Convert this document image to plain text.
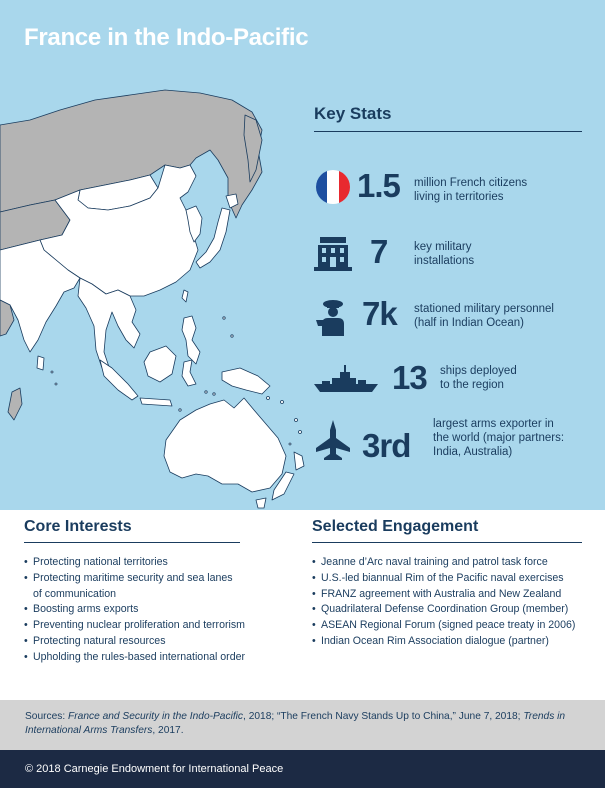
France in the Indo-Pacific
Key Stats
1.5 million French citizens
living in territories
7 key military
installations
7k stationed military personnel
(half in Indian Ocean)
13 ships deployed
to the region
3rd
largest arms exporter in
the world (major partners:
India, Australia)
Core Interests
• Protecting national territories
• Protecting maritime security and sea lanes
of communication
• Boosting arms exports
• Preventing nuclear proliferation and terrorism
• Protecting natural resources
• Upholding the rules-based international order
Selected Engagement
• Jeanne d’Arc naval training and patrol task force
• U.S.-led biannual Rim of the Pacific naval exercises
• FRANZ agreement with Australia and New Zealand
• Quadrilateral Defense Coordination Group (member)
• ASEAN Regional Forum (signed peace treaty in 2006)
• Indian Ocean Rim Association dialogue (partner)

Sources: France and Security in the Indo-Pacific, 2018; “The French Navy Stands Up to China,” June 7, 2018; Trends in International Arms Transfers, 2017.

© 2018 Carnegie Endowment for International Peace
